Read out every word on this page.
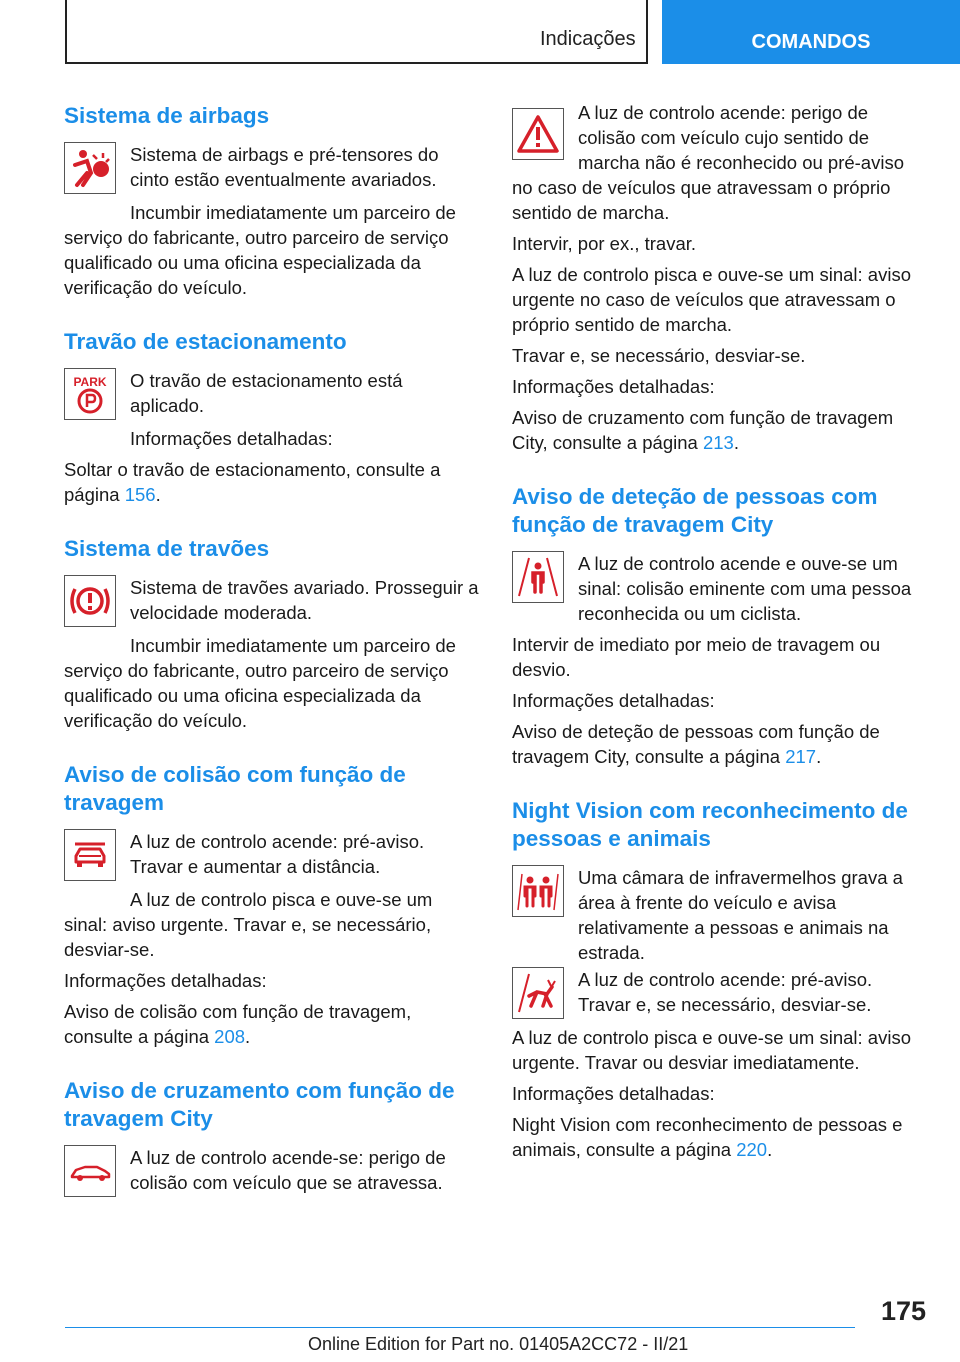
Indicações	COMANDOS
Sistema de airbags

Sistema de airbags e pré-tensores do cinto estão eventualmente avariados.

Incumbir imediatamente um parceiro de serviço do fabricante, outro parceiro de serviço qualificado ou uma oficina especializada da verificação do veículo.

Travão de estacionamento
PARK O travão de estacionamento está aplicado.

Informações detalhadas:

Soltar o travão de estacionamento, consulte a página 156.

Sistema de travões

Sistema de travões avariado. Prosseguir a velocidade moderada.

Incumbir imediatamente um parceiro de serviço do fabricante, outro parceiro de serviço qualificado ou uma oficina especializada da verificação do veículo.

Aviso de colisão com função de travagem

A luz de controlo acende: pré-aviso. Travar e aumentar a distância.

A luz de controlo pisca e ouve-se um sinal: aviso urgente. Travar e, se necessário, desviar-se.

Informações detalhadas:

Aviso de colisão com função de travagem, consulte a página 208.

Aviso de cruzamento com função de travagem City

A luz de controlo acende-se: perigo de colisão com veículo que se atravessa.

A luz de controlo acende: perigo de colisão com veículo cujo sentido de marcha não é reconhecido ou pré-aviso no caso de veículos que atravessam o próprio sentido de marcha.

Intervir, por ex., travar.

A luz de controlo pisca e ouve-se um sinal: aviso urgente no caso de veículos que atravessam o próprio sentido de marcha.

Travar e, se necessário, desviar-se.

Informações detalhadas:

Aviso de cruzamento com função de travagem City, consulte a página 213.

Aviso de deteção de pessoas com função de travagem City

A luz de controlo acende e ouve-se um sinal: colisão eminente com uma pessoa reconhecida ou um ciclista.

Intervir de imediato por meio de travagem ou desvio.

Informações detalhadas:

Aviso de deteção de pessoas com função de travagem City, consulte a página 217.

Night Vision com reconhecimento de pessoas e animais

Uma câmara de infravermelhos grava a área à frente do veículo e avisa relativamente a pessoas e animais na estrada.

A luz de controlo acende: pré-aviso. Travar e, se necessário, desviar-se.

A luz de controlo pisca e ouve-se um sinal: aviso urgente. Travar ou desviar imediatamente.

Informações detalhadas:

Night Vision com reconhecimento de pessoas e animais, consulte a página 220.

175
Online Edition for Part no. 01405A2CC72 - II/21
